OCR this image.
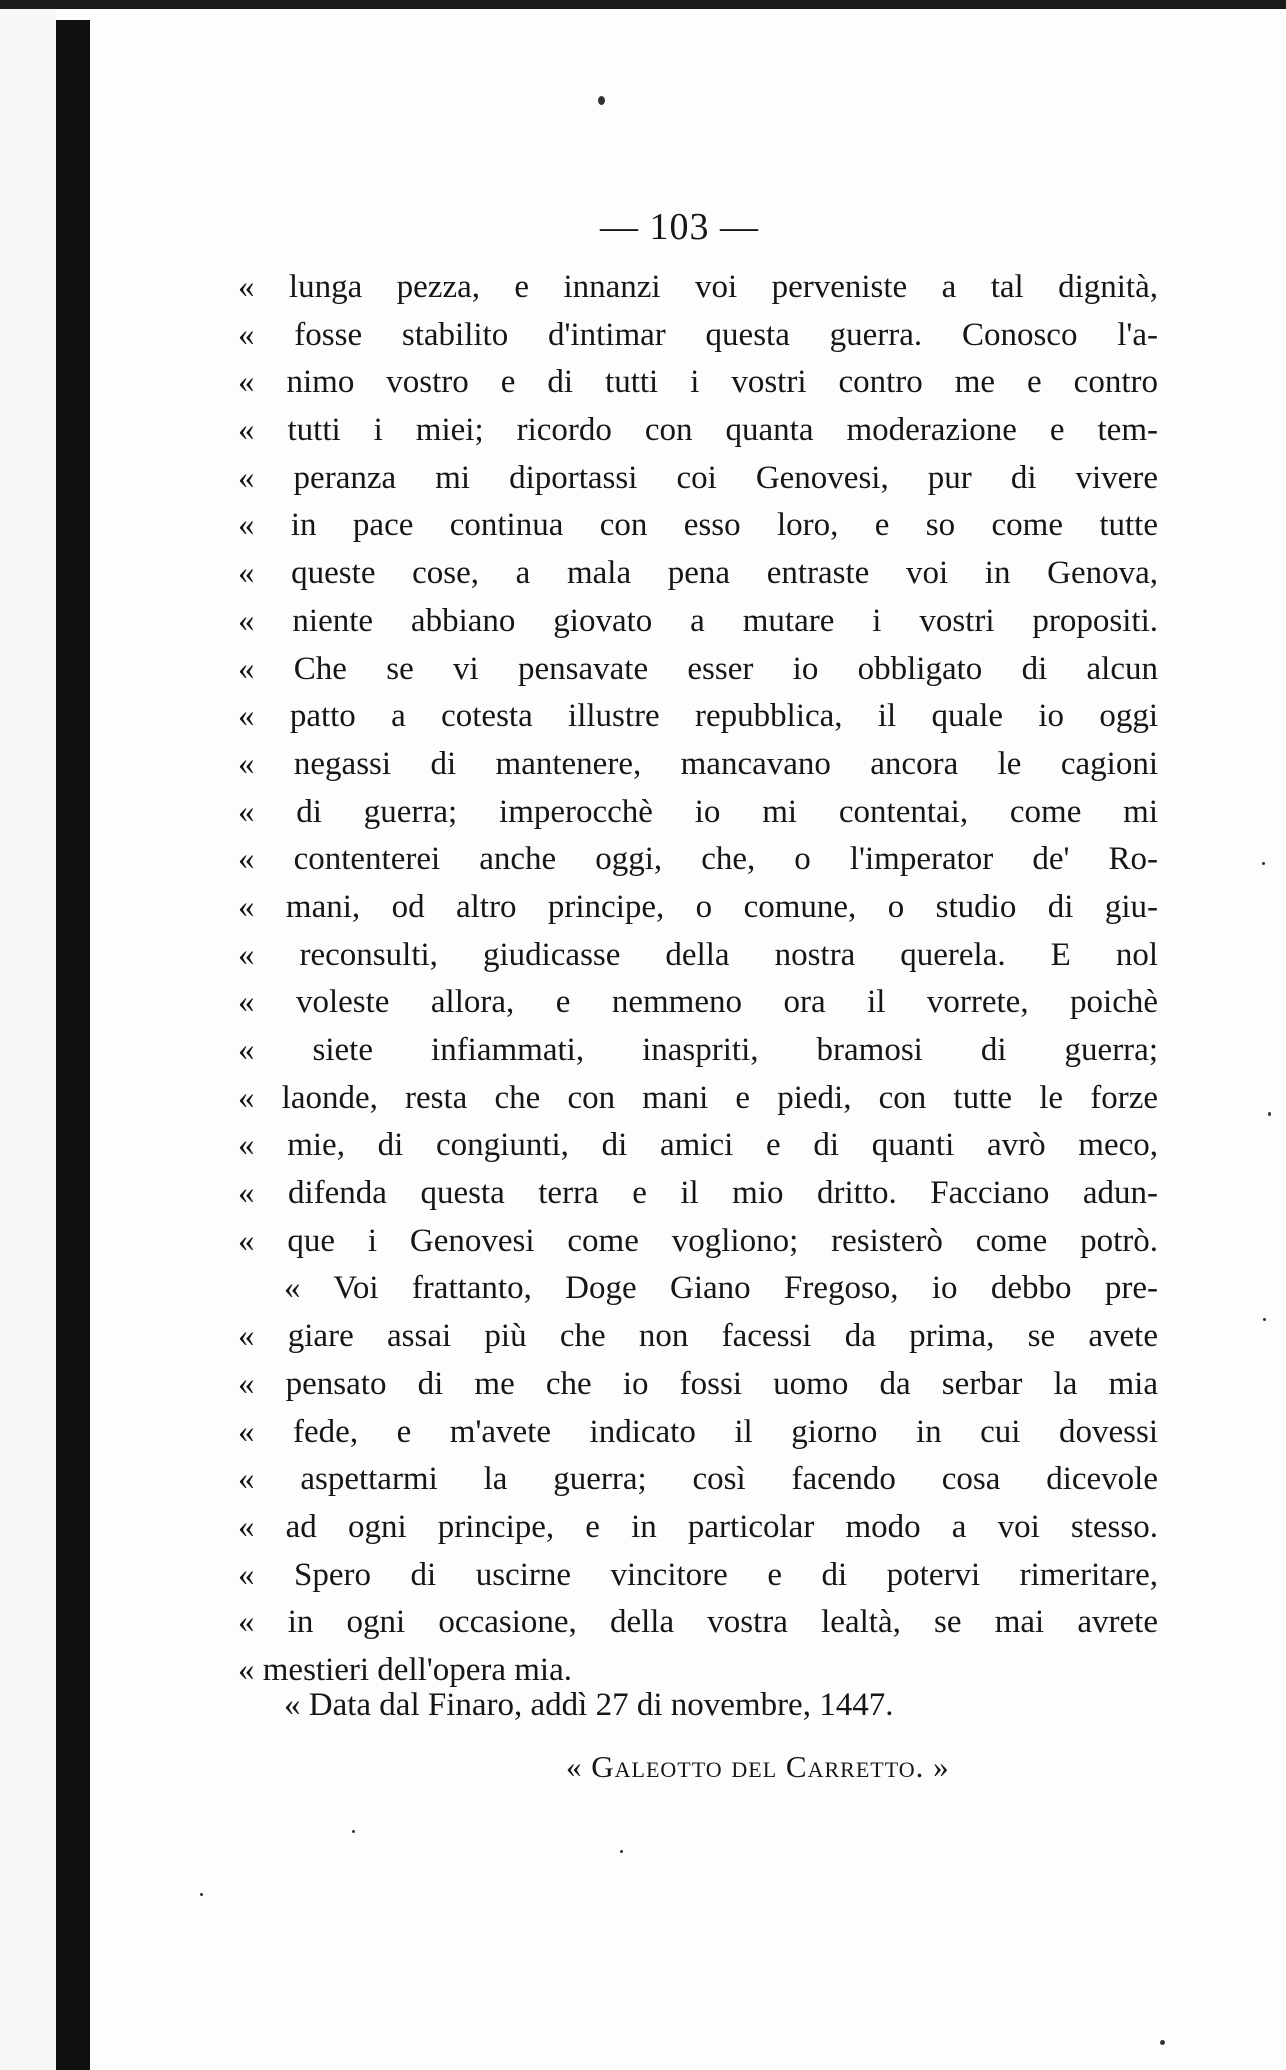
— 103 —
« lunga pezza, e innanzi voi perveniste a tal dignità,
« fosse stabilito d'intimar questa guerra. Conosco l'a-
« nimo vostro e di tutti i vostri contro me e contro
« tutti i miei; ricordo con quanta moderazione e tem-
« peranza mi diportassi coi Genovesi, pur di vivere
« in pace continua con esso loro, e so come tutte
« queste cose, a mala pena entraste voi in Genova,
« niente abbiano giovato a mutare i vostri propositi.
« Che se vi pensavate esser io obbligato di alcun
« patto a cotesta illustre repubblica, il quale io oggi
« negassi di mantenere, mancavano ancora le cagioni
« di guerra; imperocchè io mi contentai, come mi
« contenterei anche oggi, che, o l'imperator de' Ro-
« mani, od altro principe, o comune, o studio di giu-
« reconsulti, giudicasse della nostra querela. E nol
« voleste allora, e nemmeno ora il vorrete, poichè
« siete infiammati, inaspriti, bramosi di guerra;
« laonde, resta che con mani e piedi, con tutte le forze
« mie, di congiunti, di amici e di quanti avrò meco,
« difenda questa terra e il mio dritto. Facciano adun-
« que i Genovesi come vogliono; resisterò come potrò.
« Voi frattanto, Doge Giano Fregoso, io debbo pre-
« giare assai più che non facessi da prima, se avete
« pensato di me che io fossi uomo da serbar la mia
« fede, e m'avete indicato il giorno in cui dovessi
« aspettarmi la guerra; così facendo cosa dicevole
« ad ogni principe, e in particolar modo a voi stesso.
« Spero di uscirne vincitore e di potervi rimeritare,
« in ogni occasione, della vostra lealtà, se mai avrete
« mestieri dell'opera mia.
« Data dal Finaro, addì 27 di novembre, 1447.
« Galeotto del Carretto. »
